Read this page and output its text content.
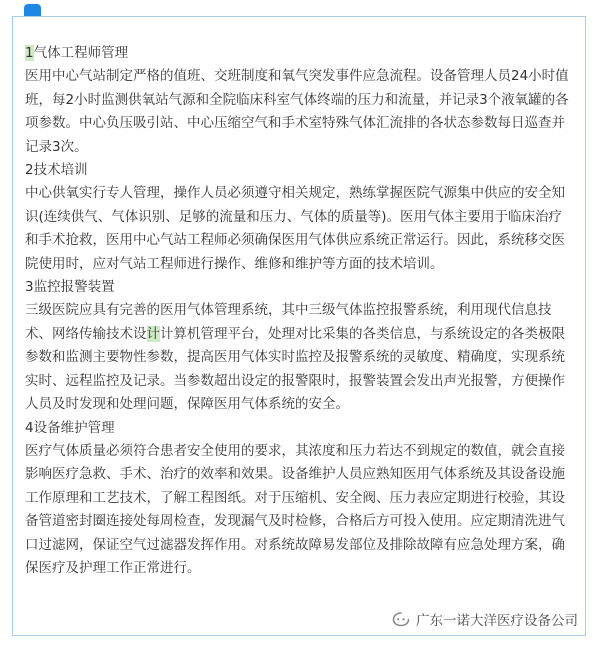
1气体工程师管理

医用中心气站制定严格的值班、交班制度和氧气突发事件应急流程。设备管理人员24小时值班，每2小时监测供氧站气源和全院临床科室气体终端的压力和流量，并记录3个液氧罐的各项参数。中心负压吸引站、中心压缩空气和手术室特殊气体汇流排的各状态参数每日巡查并记录3次。

2技术培训

中心供氧实行专人管理，操作人员必须遵守相关规定，熟练掌握医院气源集中供应的安全知识(连续供气、气体识别、足够的流量和压力、气体的质量等)。医用气体主要用于临床治疗和手术抢救，医用中心气站工程师必须确保医用气体供应系统正常运行。因此，系统移交医院使用时，应对气站工程师进行操作、维修和维护等方面的技术培训。

3监控报警装置

三级医院应具有完善的医用气体管理系统，其中三级气体监控报警系统，利用现代信息技术、网络传输技术设计计算机管理平台，处理对比采集的各类信息，与系统设定的各类极限参数和监测主要物性参数，提高医用气体实时监控及报警系统的灵敏度、精确度，实现系统实时、远程监控及记录。当参数超出设定的报警限时，报警装置会发出声光报警，方便操作人员及时发现和处理问题，保障医用气体系统的安全。

4设备维护管理

医疗气体质量必须符合患者安全使用的要求，其浓度和压力若达不到规定的数值，就会直接影响医疗急救、手术、治疗的效率和效果。设备维护人员应熟知医用气体系统及其设备设施工作原理和工艺技术，了解工程图纸。对于压缩机、安全阀、压力表应定期进行校验，其设备管道密封圈连接处每周检查，发现漏气及时检修，合格后方可投入使用。应定期清洗进气口过滤网，保证空气过滤器发挥作用。对系统故障易发部位及排除故障有应急处理方案，确保医疗及护理工作正常进行。

广东一诺大洋医疗设备公司
